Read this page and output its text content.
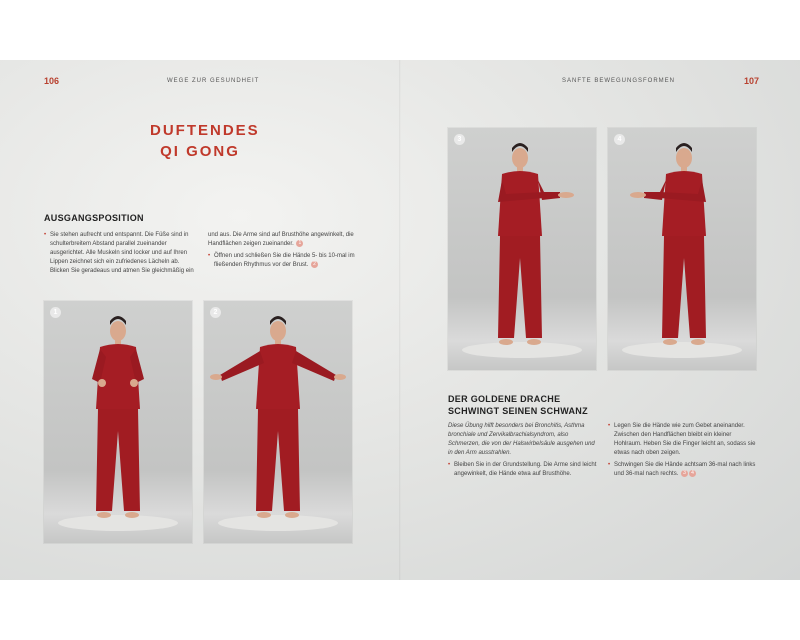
106	WEGE ZUR GESUNDHEIT
DUFTENDES
QI GONG
AUSGANGSPOSITION

• Sie stehen aufrecht und entspannt. Die Füße sind in schulterbreitem Abstand parallel zueinander ausgerichtet. Alle Muskeln sind locker und auf Ihren Lippen zeichnet sich ein zufriedenes Lächeln ab. Blicken Sie geradeaus und atmen Sie gleichmäßig ein

und aus. Die Arme sind auf Brusthöhe angewinkelt, die Handflächen zeigen zueinander. 1

• Öffnen und schließen Sie die Hände 5- bis 10-mal im fließenden Rhythmus vor der Brust. 2

1	2
SANFTE BEWEGUNGSFORMEN	107
3	4
DER GOLDENE DRACHE
SCHWINGT SEINEN SCHWANZ

Diese Übung hilft besonders bei Bronchitis, Asthma bronchiale und Zervikalbrachialsyndrom, also Schmerzen, die von der Halswirbelsäule ausgehen und in den Arm ausstrahlen.

• Bleiben Sie in der Grundstellung. Die Arme sind leicht angewinkelt, die Hände etwa auf Brusthöhe.

• Legen Sie die Hände wie zum Gebet aneinander. Zwischen den Handflächen bleibt ein kleiner Hohlraum. Heben Sie die Finger leicht an, sodass sie etwas nach oben zeigen.

• Schwingen Sie die Hände achtsam 36-mal nach links und 36-mal nach rechts. 3 4
